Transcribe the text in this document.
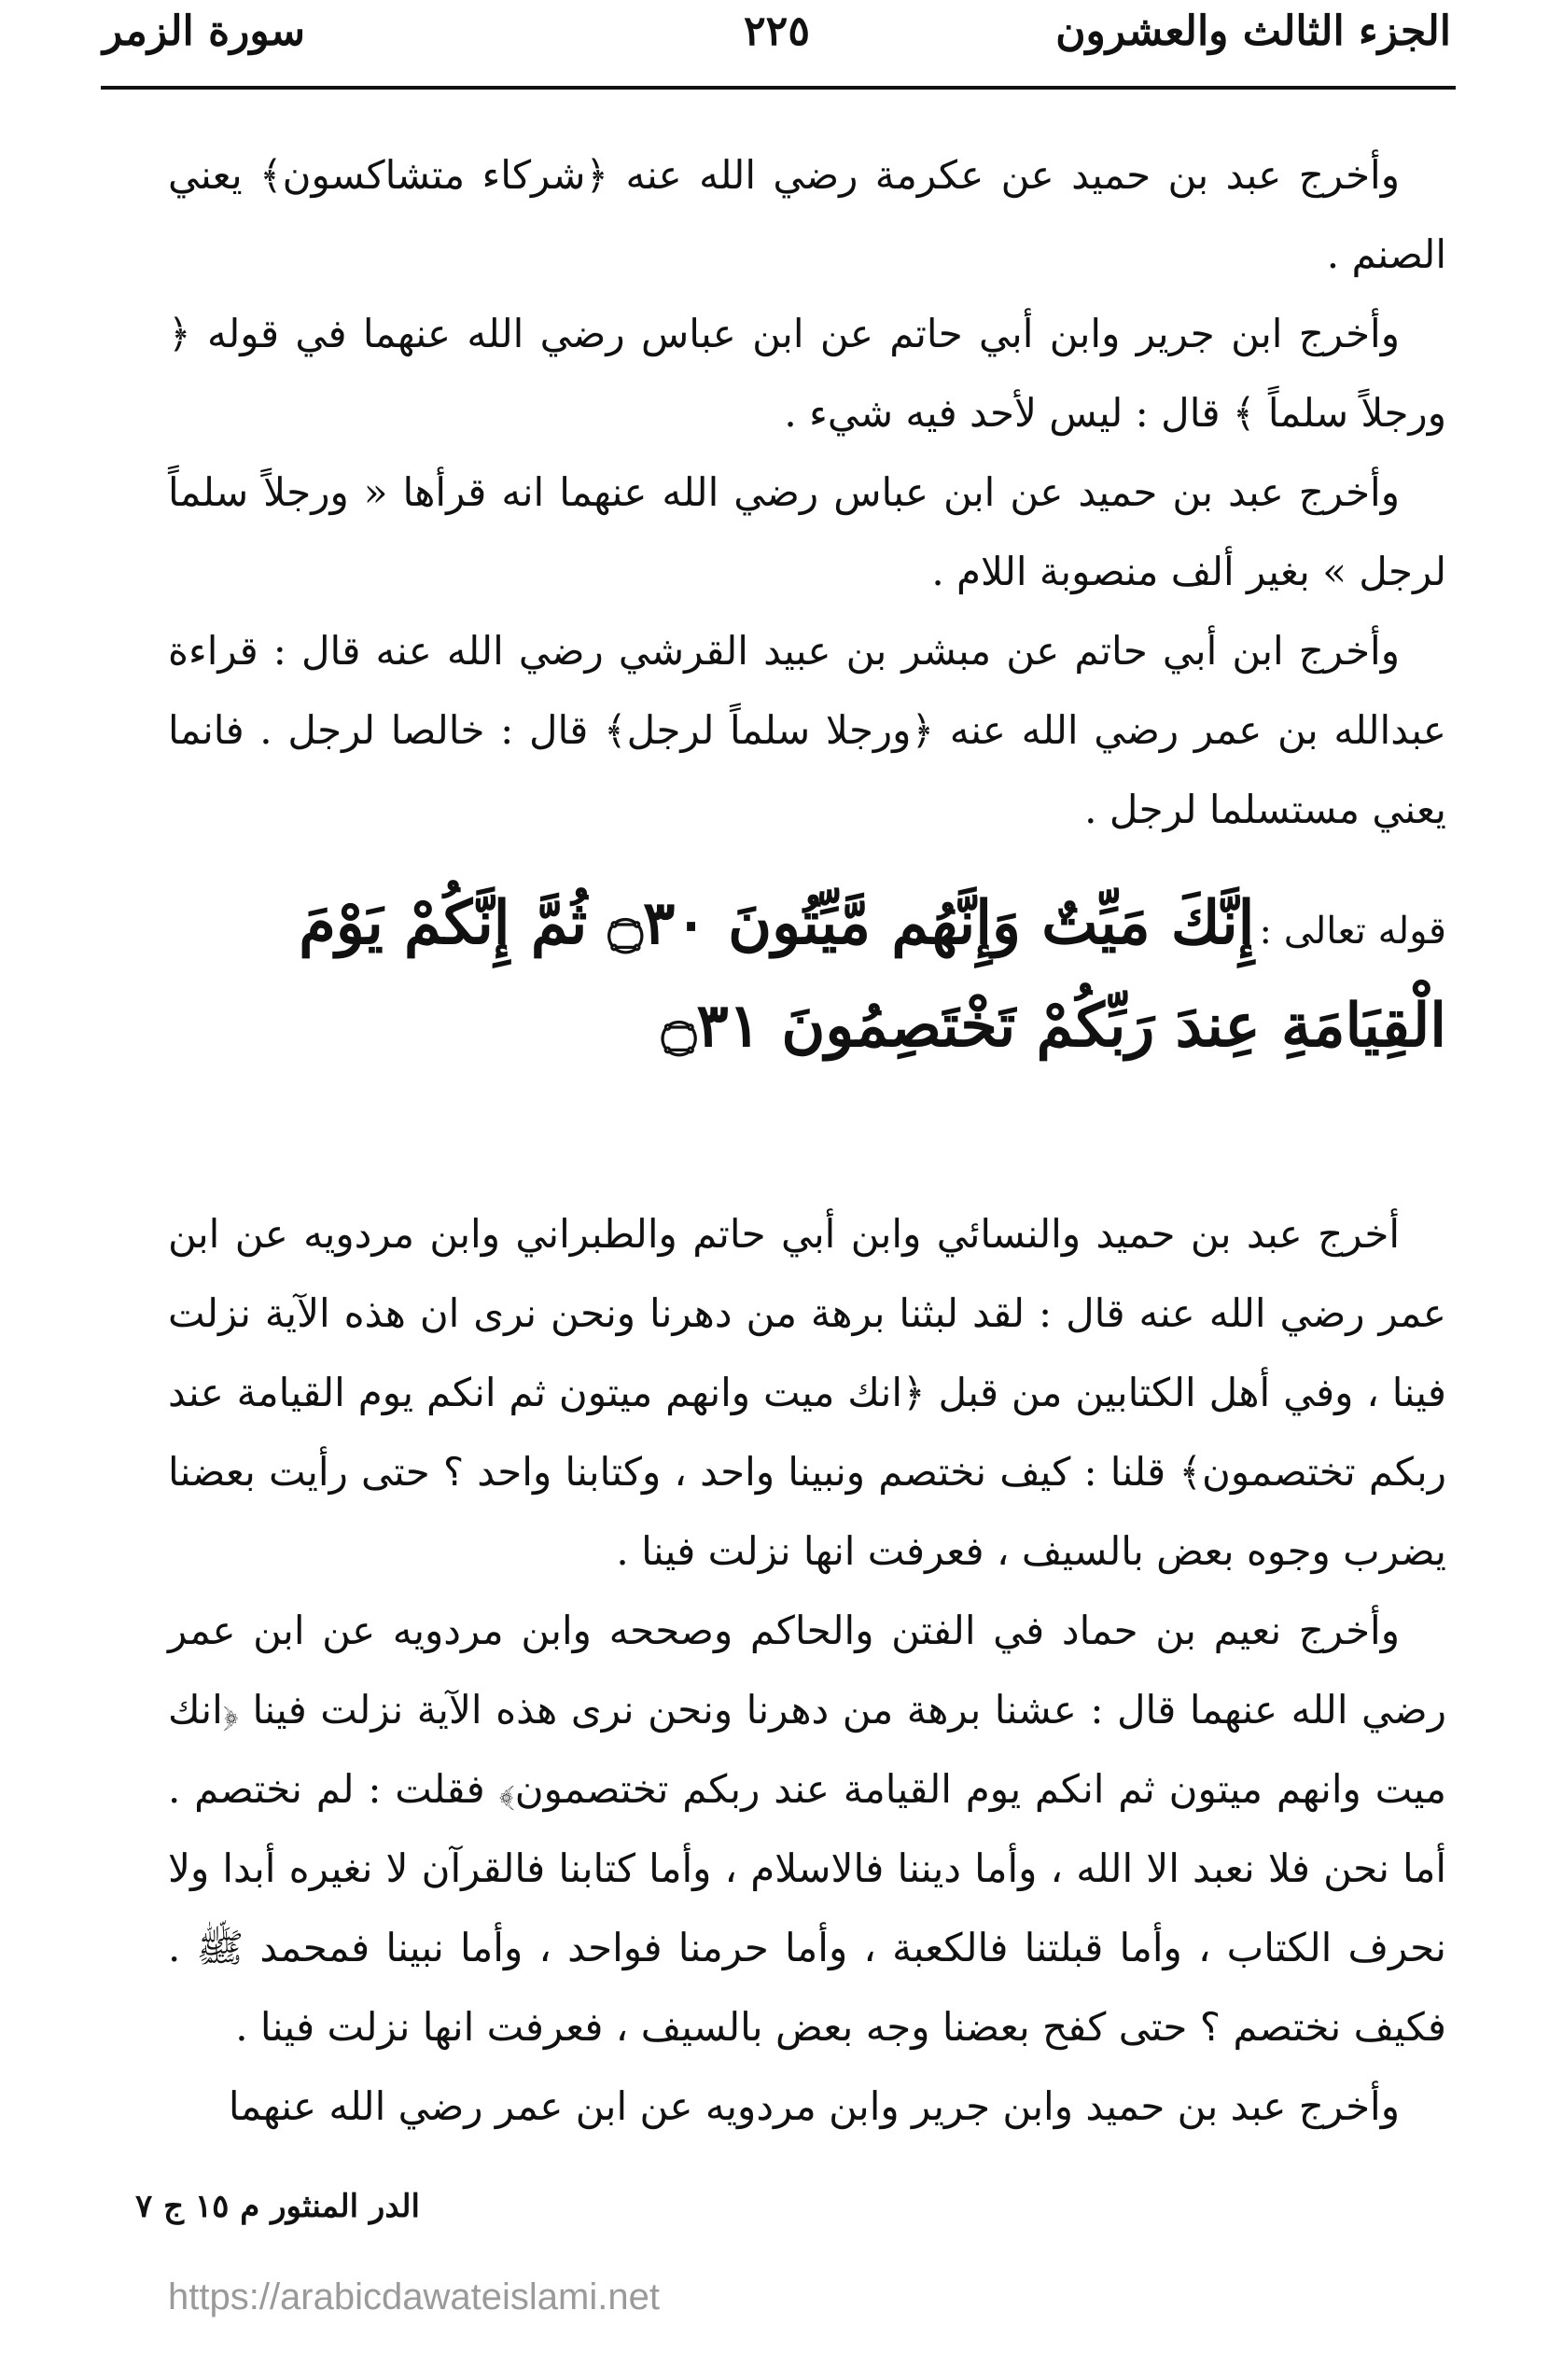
الجزء الثالث والعشرون
٢٢٥
سورة الزمر

وأخرج عبد بن حميد عن عكرمة رضي الله عنه ﴿شركاء متشاكسون﴾ يعني الصنم .

وأخرج ابن جرير وابن أبي حاتم عن ابن عباس رضي الله عنهما في قوله ﴿ ورجلاً سلماً ﴾ قال : ليس لأحد فيه شيء .

وأخرج عبد بن حميد عن ابن عباس رضي الله عنهما انه قرأها « ورجلاً سلماً لرجل » بغير ألف منصوبة اللام .

وأخرج ابن أبي حاتم عن مبشر بن عبيد القرشي رضي الله عنه قال : قراءة عبدالله بن عمر رضي الله عنه ﴿ورجلا سلماً لرجل﴾ قال : خالصا لرجل . فانما يعني مستسلما لرجل .

قوله تعالى : إِنَّكَ مَيِّتٌ وَإِنَّهُم مَّيِّتُونَ ۝٣٠ ثُمَّ إِنَّكُمْ يَوْمَ الْقِيَامَةِ عِندَ رَبِّكُمْ تَخْتَصِمُونَ ۝٣١

أخرج عبد بن حميد والنسائي وابن أبي حاتم والطبراني وابن مردويه عن ابن عمر رضي الله عنه قال : لقد لبثنا برهة من دهرنا ونحن نرى ان هذه الآية نزلت فينا ، وفي أهل الكتابين من قبل ﴿انك ميت وانهم ميتون ثم انكم يوم القيامة عند ربكم تختصمون﴾ قلنا : كيف نختصم ونبينا واحد ، وكتابنا واحد ؟ حتى رأيت بعضنا يضرب وجوه بعض بالسيف ، فعرفت انها نزلت فينا .

وأخرج نعيم بن حماد في الفتن والحاكم وصححه وابن مردويه عن ابن عمر رضي الله عنهما قال : عشنا برهة من دهرنا ونحن نرى هذه الآية نزلت فينا ﴿انك ميت وانهم ميتون ثم انكم يوم القيامة عند ربكم تختصمون﴾ فقلت : لم نختصم . أما نحن فلا نعبد الا الله ، وأما ديننا فالاسلام ، وأما كتابنا فالقرآن لا نغيره أبدا ولا نحرف الكتاب ، وأما قبلتنا فالكعبة ، وأما حرمنا فواحد ، وأما نبينا فمحمد ﷺ . فكيف نختصم ؟ حتى كفح بعضنا وجه بعض بالسيف ، فعرفت انها نزلت فينا .

وأخرج عبد بن حميد وابن جرير وابن مردويه عن ابن عمر رضي الله عنهما

الدر المنثور م ١٥ ج ٧
https://arabicdawateislami.net
